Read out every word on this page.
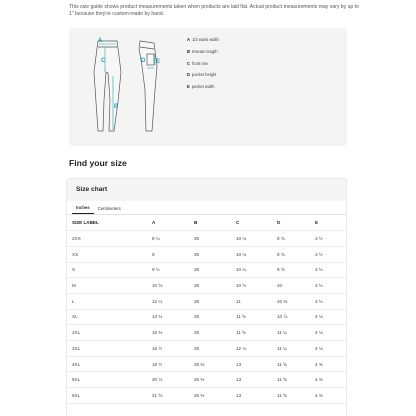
This size guide shows product measurements taken when products are laid flat. Actual product measurements may vary by up to 1" because they're custom-made by hand.

A
C
B
D E
A 1/2 waist width
B Inseam length
C front rise
D pocket height
E pocket width
Find your size
Size chart
Inches	Centimeters
SIZE LABEL	A	B	C	D	E
2XS	8 ¼	26	10 ¼	9 ⅝	3 ½
XS	9	26	10 ¼	9 ⅝	3 ½
S	9 ½	26	10 ¼	9 ⅝	3 ½
M	10 ⅝	26	10 ½	10	3 ½
L	12 ¼	26	11	10 ⅜	3 ½
XL	13 ¾	26	11 ⅝	10 ⅞	4 ⅛
2XL	15 ⅜	26	11 ⅝	11 ¼	4 ⅛
3XL	16 ½	26	12 ⅛	11 ¼	4 ⅛
4XL	18 ½	26 ⅜	13	11 ⅝	4 ⅜
5XL	20 ⅛	26 ⅜	13	11 ⅝	4 ⅜
6XL	21 ⅝	26 ⅜	13	11 ⅝	4 ⅜
